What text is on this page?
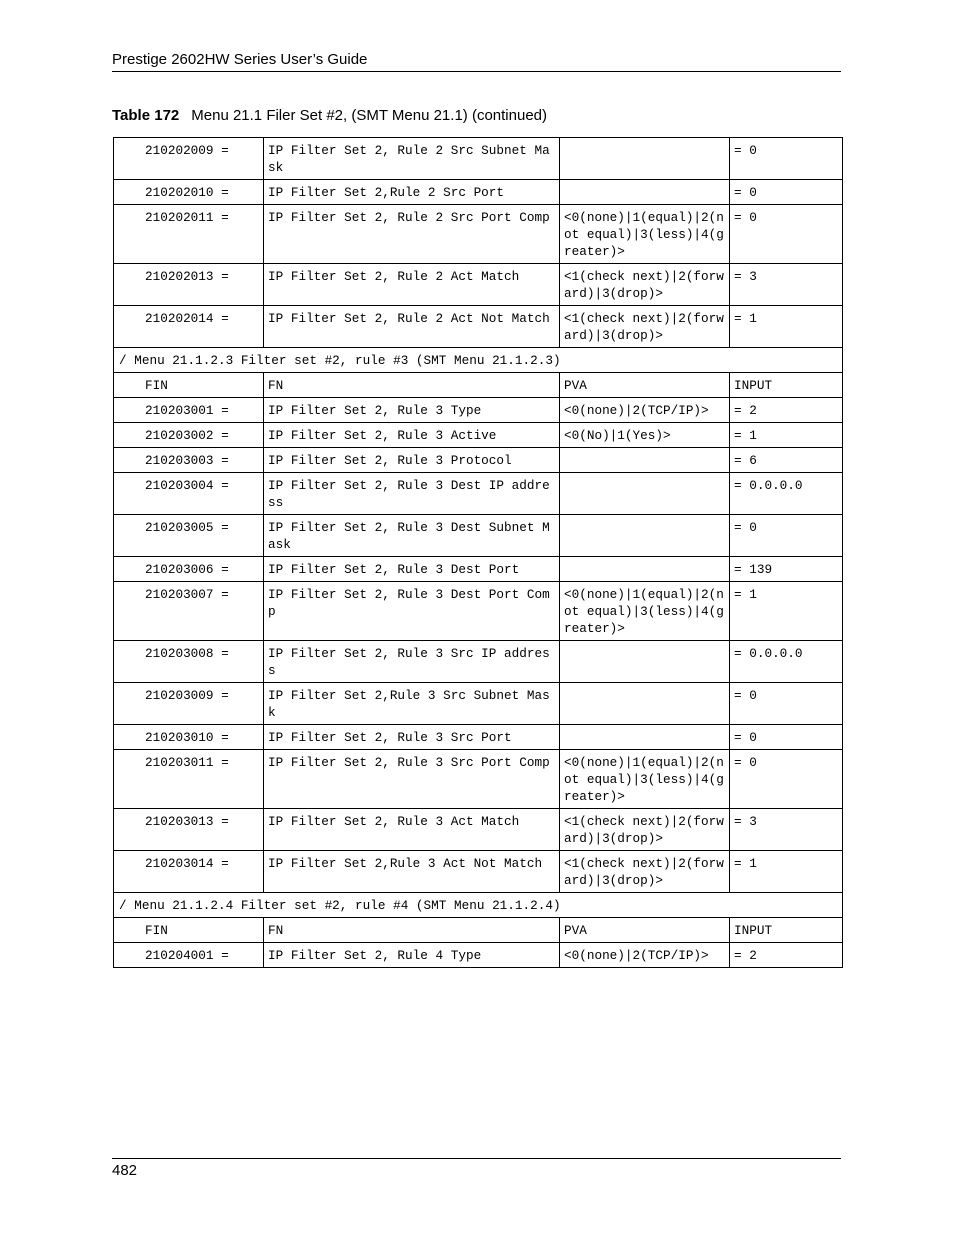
Prestige 2602HW Series User’s Guide
Table 172 Menu 21.1 Filer Set #2, (SMT Menu 21.1) (continued)
210202009 =	IP Filter Set 2, Rule 2 Src Subnet Mask		= 0
210202010 =	IP Filter Set 2,Rule 2 Src Port		= 0
210202011 =	IP Filter Set 2, Rule 2 Src Port Comp	<0(none)|1(equal)|2(not equal)|3(less)|4(greater)>	= 0
210202013 =	IP Filter Set 2, Rule 2 Act Match	<1(check next)|2(forward)|3(drop)>	= 3
210202014 =	IP Filter Set 2, Rule 2 Act Not Match	<1(check next)|2(forward)|3(drop)>	= 1
/ Menu 21.1.2.3 Filter set #2, rule #3 (SMT Menu 21.1.2.3)			
FIN	FN	PVA	INPUT
210203001 =	IP Filter Set 2, Rule 3 Type	<0(none)|2(TCP/IP)>	= 2
210203002 =	IP Filter Set 2, Rule 3 Active	<0(No)|1(Yes)>	= 1
210203003 =	IP Filter Set 2, Rule 3 Protocol		= 6
210203004 =	IP Filter Set 2, Rule 3 Dest IP address		= 0.0.0.0
210203005 =	IP Filter Set 2, Rule 3 Dest Subnet Mask		= 0
210203006 =	IP Filter Set 2, Rule 3 Dest Port		= 139
210203007 =	IP Filter Set 2, Rule 3 Dest Port Comp	<0(none)|1(equal)|2(not equal)|3(less)|4(greater)>	= 1
210203008 =	IP Filter Set 2, Rule 3 Src IP address		= 0.0.0.0
210203009 =	IP Filter Set 2,Rule 3 Src Subnet Mask		= 0
210203010 =	IP Filter Set 2, Rule 3 Src Port		= 0
210203011 =	IP Filter Set 2, Rule 3 Src Port Comp	<0(none)|1(equal)|2(not equal)|3(less)|4(greater)>	= 0
210203013 =	IP Filter Set 2, Rule 3 Act Match	<1(check next)|2(forward)|3(drop)>	= 3
210203014 =	IP Filter Set 2,Rule 3 Act Not Match	<1(check next)|2(forward)|3(drop)>	= 1
/ Menu 21.1.2.4 Filter set #2, rule #4 (SMT Menu 21.1.2.4)			
FIN	FN	PVA	INPUT
210204001 =	IP Filter Set 2, Rule 4 Type	<0(none)|2(TCP/IP)>	= 2
482
